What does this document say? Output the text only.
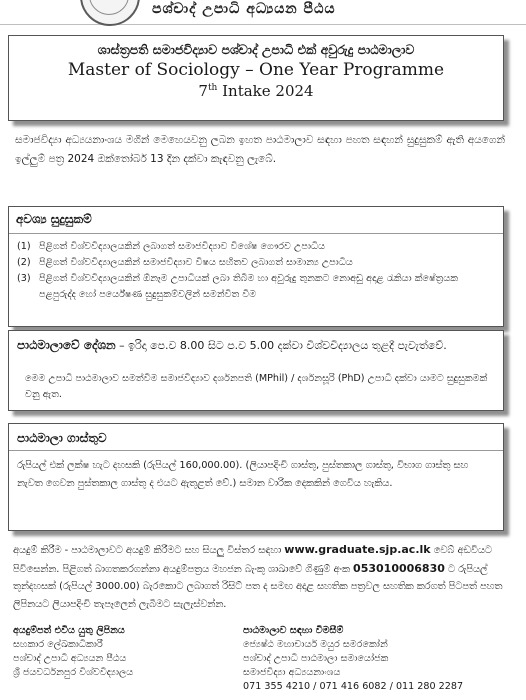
පශ්චාද් උපාධි අධ්‍යයන පීඨය
ශාස්ත්‍රපති සමාජවිද්‍යාව පශ්චාද් උපාධි එක් අවුරුදු පාඨමාලාව
Master of Sociology – One Year Programme
7th Intake 2024
සමාජවිද්‍යා අධ්‍යයනාංශය මගින් මෙහෙයවනු ලබන ඉහත පාඨමාලාව සඳහා පහත සඳහන් සුදුසුකම් ඇති අයගෙන් ඉල්ලුම් පත්‍ර 2024 ඔක්තෝබර් 13 දින දක්වා කැඳවනු ලැබේ.
අවශ්‍ය සුදුසුකම්
(1) පිළිගත් විශ්වවිද්‍යාලයකින් ලබාගත් සමාජවිද්‍යාව විශේෂ ගෞරව උපාධිය
(2) පිළිගත් විශ්වවිද්‍යාලයකින් සමාජවිද්‍යාව විෂය සහිතව ලබාගත් සාමාන්‍ය උපාධිය
(3) පිළිගත් විශ්වවිද්‍යාලයකින් ඕනෑම උපාධියක් ලබා තිබීම හා අවුරුදු තුනකට නොඅඩු අදාළ රැකියා ක්ෂේත්‍රයක පළපුරුද්ද හෝ පර්යේෂණ සුදුසුකම්වලින් සමන්විත වීම
පාඨමාලාවේ දේශන – ඉරිදා පෙ.ව 8.00 සිට ප.ව 5.00 දක්වා විශ්වවිද්‍යාලය තුළදී පැවැත්වේ.
මෙම උපාධි පාඨමාලාව සමත්වීම සමාජවිද්‍යාව දර්ශනපති (MPhil) / දර්ශනසූරි (PhD) උපාධි දක්වා යාමට සුදුසුකමක් වනු ඇත.
පාඨමාලා ගාස්තුව
රුපියල් එක් ලක්ෂ හැට දහසකි (රුපියල් 160,000.00). (ලියාපදිංචි ගාස්තු, පුස්තකාල ගාස්තු, විභාග ගාස්තු සහ නැවත ගෙවන පුස්තකාල ගාස්තු ද එයට ඇතුළත් වේ.) සමාන වාරික දෙකකින් ගෙවිය හැකිය.
අයදුම් කිරීම - පාඨමාලාවට අයදුම් කිරීමට සහ සියලු විස්තර සඳහා www.graduate.sjp.ac.lk වෙබ් අඩවියට පිවිසෙන්න. පිළිගත් බාගතකරගන්නා අයදුම්පත්‍රය මහජන බැංකු ශාඛාවේ ගිණුම් අංක 053010006830 ට රුපියල් තුන්දහසක් (රුපියල් 3000.00) බැරකොට ලබාගත් රිසිට් පත ද සමඟ අදාළ සහතික පත්‍රවල සහතික කරගත් පිටපත් පහත ලිපිනයට ලියාපදිංචි තැපෑලෙන් ලැබීමට සැලැස්වන්න.
අයදුම්පත් එවිය යුතු ලිපිනය
සහකාර ලේඛකාධිකාරී
පශ්චාද් උපාධි අධ්‍යයන පීඨය
ශ්‍රී ජයවර්ධනපුර විශ්වවිද්‍යාලය
පාඨමාලාව සඳහා විමසීම්
ජ්‍යෙෂ්ඨ මහාචාර්ය මයුර සමරකෝන්
පශ්චාද් උපාධි පාඨමාලා සමායෝජක
සමාජවිද්‍යා අධ්‍යයනාංශය
071 355 4210 / 071 416 6082 / 011 280 2287
